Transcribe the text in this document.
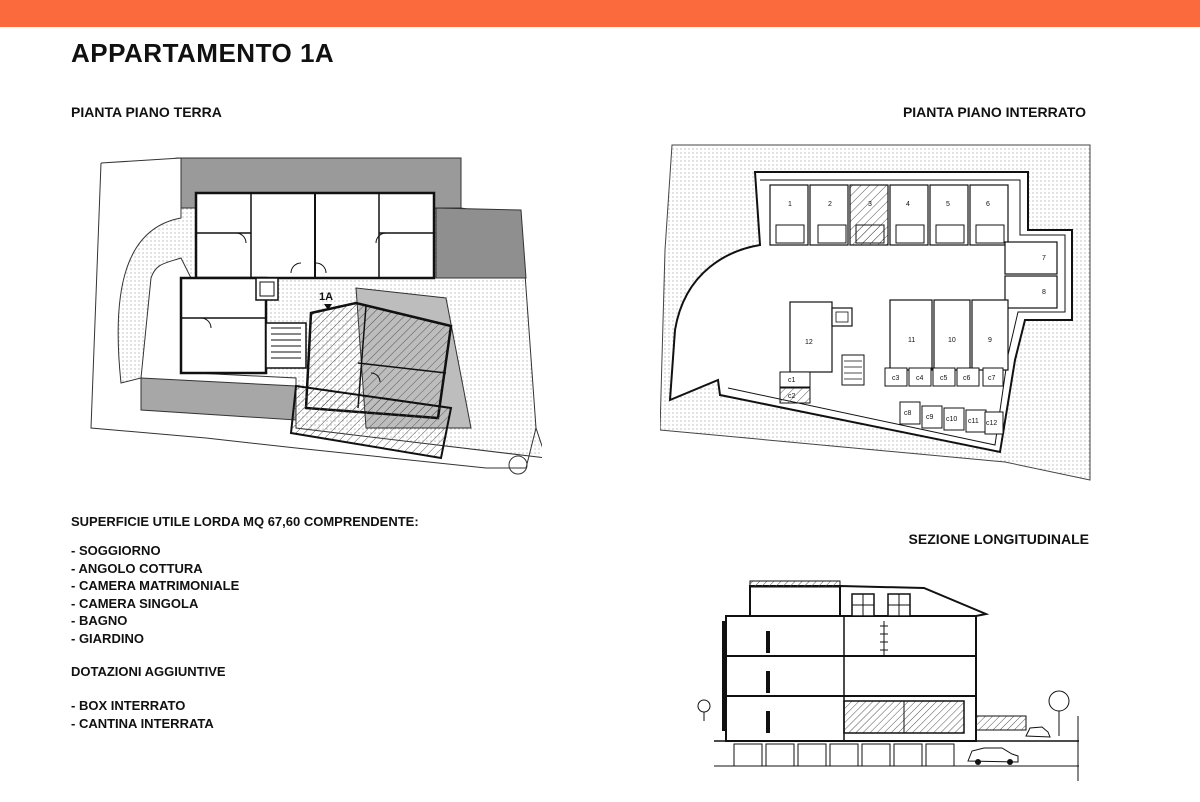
APPARTAMENTO 1A

PIANTA PIANO TERRA	PIANTA PIANO INTERRATO

SEZIONE LONGITUDINALE

1A
1	2	3	4	5	6
7
8
9
10
11
12
c1
c2
c3 c4 c5 c6	c7
c8
c9 c10 c11 c12

SUPERFICIE UTILE LORDA MQ 67,60 COMPRENDENTE:

- SOGGIORNO
- ANGOLO COTTURA
- CAMERA MATRIMONIALE
- CAMERA SINGOLA
- BAGNO
- GIARDINO

DOTAZIONI AGGIUNTIVE

- BOX INTERRATO
- CANTINA INTERRATA
